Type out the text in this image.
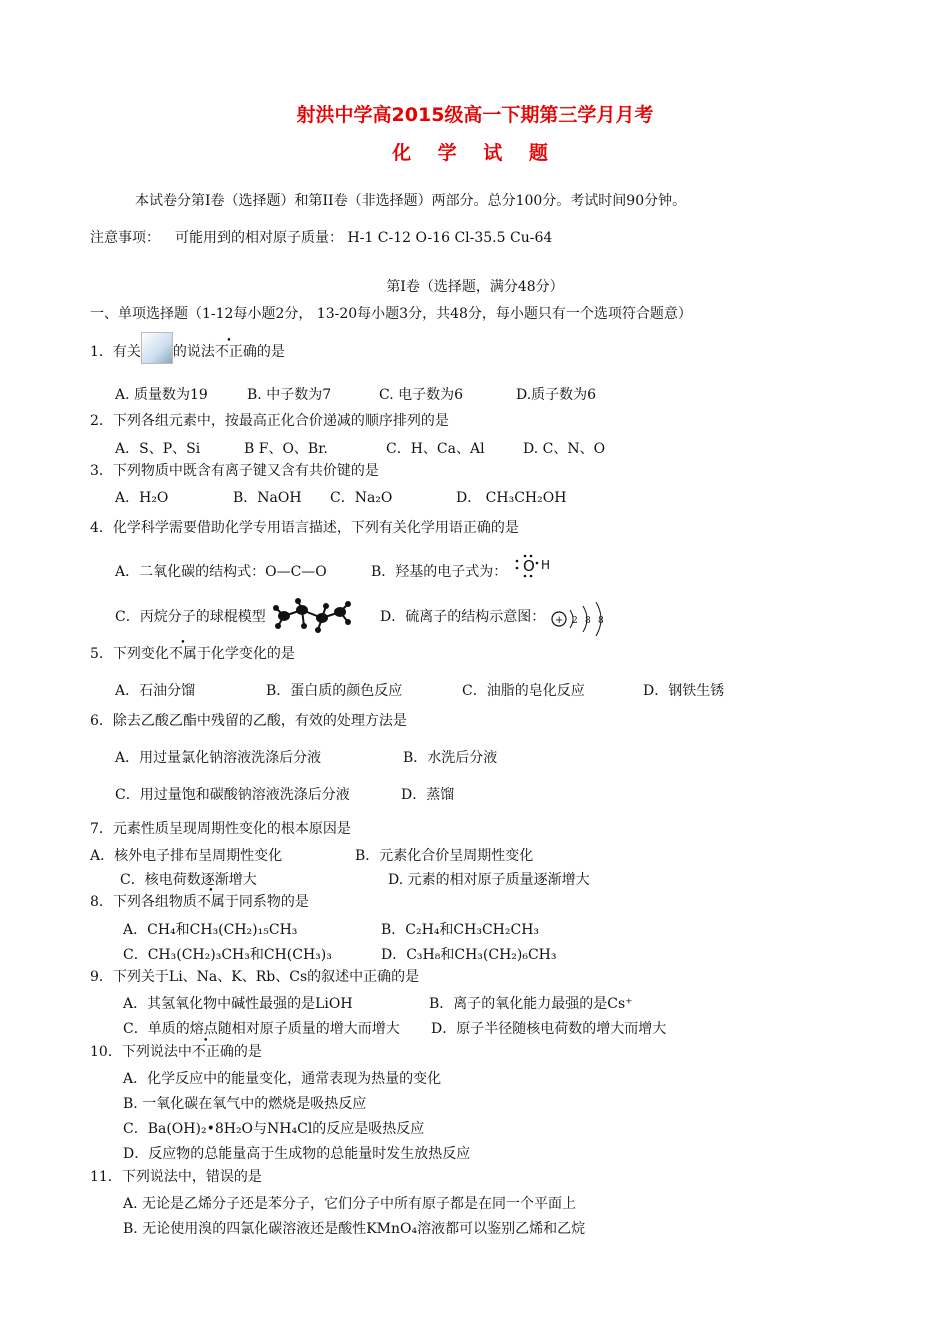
射洪中学高2015级高一下期第三学月月考
化 学 试 题
本试卷分第Ⅰ卷（选择题）和第II卷（非选择题）两部分。总分100分。考试时间90分钟。
注意事项： 可能用到的相对原子质量： H-1 C-12 O-16 Cl-35.5 Cu-64
第Ⅰ卷（选择题，满分48分）
一、单项选择题（1-12每小题2分， 13-20每小题3分，共48分，每小题只有一个选项符合题意）
1．有关 的说法不正确的是
A. 质量数为19	B. 中子数为7	C. 电子数为6	D.质子数为6
2．下列各组元素中，按最高正化合价递减的顺序排列的是
A．S、P、Si	B F、O、Br.	C．H、Ca、Al	D. C、N、O
3．下列物质中既含有离子键又含有共价键的是
A．H₂O	B．NaOH C．Na₂O	D． CH₃CH₂OH
4．化学科学需要借助化学专用语言描述，下列有关化学用语正确的是
A．二氧化碳的结构式：O—C—O	B．羟基的电子式为： O H
C．丙烷分子的球棍模型	D．硫离子的结构示意图： + 2 8 8
5．下列变化不属于化学变化的是
A．石油分馏	B．蛋白质的颜色反应	C．油脂的皂化反应	D．钢铁生锈
6．除去乙酸乙酯中残留的乙酸，有效的处理方法是
A．用过量氯化钠溶液洗涤后分液	B．水洗后分液
C．用过量饱和碳酸钠溶液洗涤后分液	D．蒸馏
7．元素性质呈现周期性变化的根本原因是
A．核外电子排布呈周期性变化	B．元素化合价呈周期性变化
C．核电荷数逐渐增大	D. 元素的相对原子质量逐渐增大
8．下列各组物质不属于同系物的是
A．CH₄和CH₃(CH₂)₁₅CH₃	B．C₂H₄和CH₃CH₂CH₃
C．CH₃(CH₂)₃CH₃和CH(CH₃)₃	D．C₃H₈和CH₃(CH₂)₆CH₃
9．下列关于Li、Na、K、Rb、Cs的叙述中正确的是
A．其氢氧化物中碱性最强的是LiOH	B．离子的氧化能力最强的是Cs⁺
C．单质的熔点随相对原子质量的增大而增大 D．原子半径随核电荷数的增大而增大
10．下列说法中不正确的是
A．化学反应中的能量变化，通常表现为热量的变化
B. 一氧化碳在氧气中的燃烧是吸热反应
C．Ba(OH)₂•8H₂O与NH₄Cl的反应是吸热反应
D．反应物的总能量高于生成物的总能量时发生放热反应
11．下列说法中，错误的是
A. 无论是乙烯分子还是苯分子，它们分子中所有原子都是在同一个平面上
B. 无论使用溴的四氯化碳溶液还是酸性KMnO₄溶液都可以鉴别乙烯和乙烷
